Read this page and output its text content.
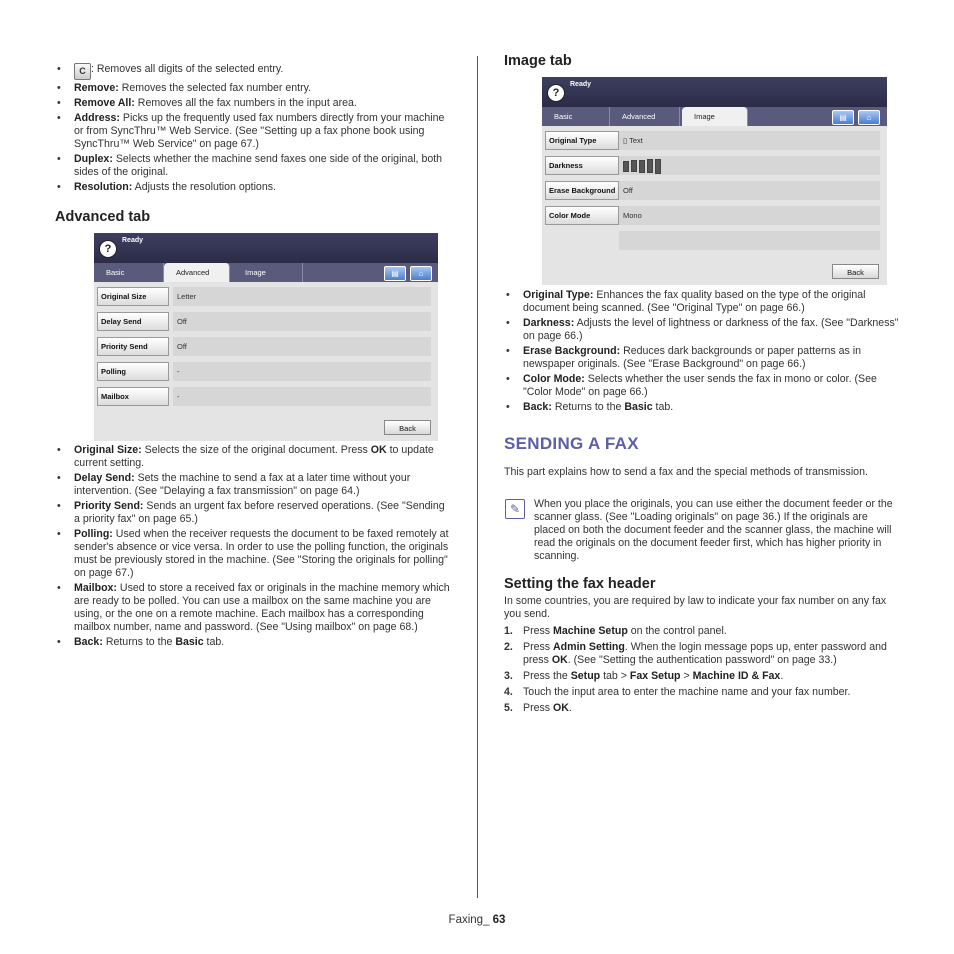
• C : Removes all digits of the selected entry.
• Remove: Removes the selected fax number entry.
• Remove All: Removes all the fax numbers in the input area.
• Address: Picks up the frequently used fax numbers directly from your machine or from SyncThru™ Web Service. (See "Setting up a fax phone book using SyncThru™ Web Service" on page 67.)
• Duplex: Selects whether the machine send faxes one side of the original, both sides of the original.
• Resolution: Adjusts the resolution options.
Advanced tab
?
Ready
Basic	Advanced	Image	▤	⌂
Original Size	Letter
Delay Send	Off
Priority Send	Off
Polling	-
Mailbox	-
Back
• Original Size: Selects the size of the original document. Press OK to update current setting.
• Delay Send: Sets the machine to send a fax at a later time without your intervention. (See "Delaying a fax transmission" on page 64.)
• Priority Send: Sends an urgent fax before reserved operations. (See "Sending a priority fax" on page 65.)
• Polling: Used when the receiver requests the document to be faxed remotely at sender's absence or vice versa. In order to use the polling function, the originals must be previously stored in the machine. (See "Storing the originals for polling" on page 67.)
• Mailbox: Used to store a received fax or originals in the machine memory which are ready to be polled. You can use a mailbox on the same machine you are using, or the one on a remote machine. Each mailbox has a corresponding mailbox number, name and password. (See "Using mailbox" on page 68.)
• Back: Returns to the Basic tab.
Image tab
?
Ready
Basic	Advanced	Image	▤	⌂
Original Type	▯ Text
Darkness
Erase Background	Off
Color Mode	Mono
Back
• Original Type: Enhances the fax quality based on the type of the original document being scanned. (See "Original Type" on page 66.)
• Darkness: Adjusts the level of lightness or darkness of the fax. (See "Darkness" on page 66.)
• Erase Background: Reduces dark backgrounds or paper patterns as in newspaper originals. (See "Erase Background" on page 66.)
• Color Mode: Selects whether the user sends the fax in mono or color. (See "Color Mode" on page 66.)
• Back: Returns to the Basic tab.
SENDING A FAX

This part explains how to send a fax and the special methods of transmission.

✎	When you place the originals, you can use either the document feeder or the scanner glass. (See "Loading originals" on page 36.) If the originals are placed on both the document feeder and the scanner glass, the machine will read the originals on the document feeder first, which has higher priority in scanning.

Setting the fax header

In some countries, you are required by law to indicate your fax number on any fax you send.

1. Press Machine Setup on the control panel.
2. Press Admin Setting. When the login message pops up, enter password and press OK. (See "Setting the authentication password" on page 33.)
3. Press the Setup tab > Fax Setup > Machine ID & Fax.
4. Touch the input area to enter the machine name and your fax number.
5. Press OK.
Faxing_ 63
